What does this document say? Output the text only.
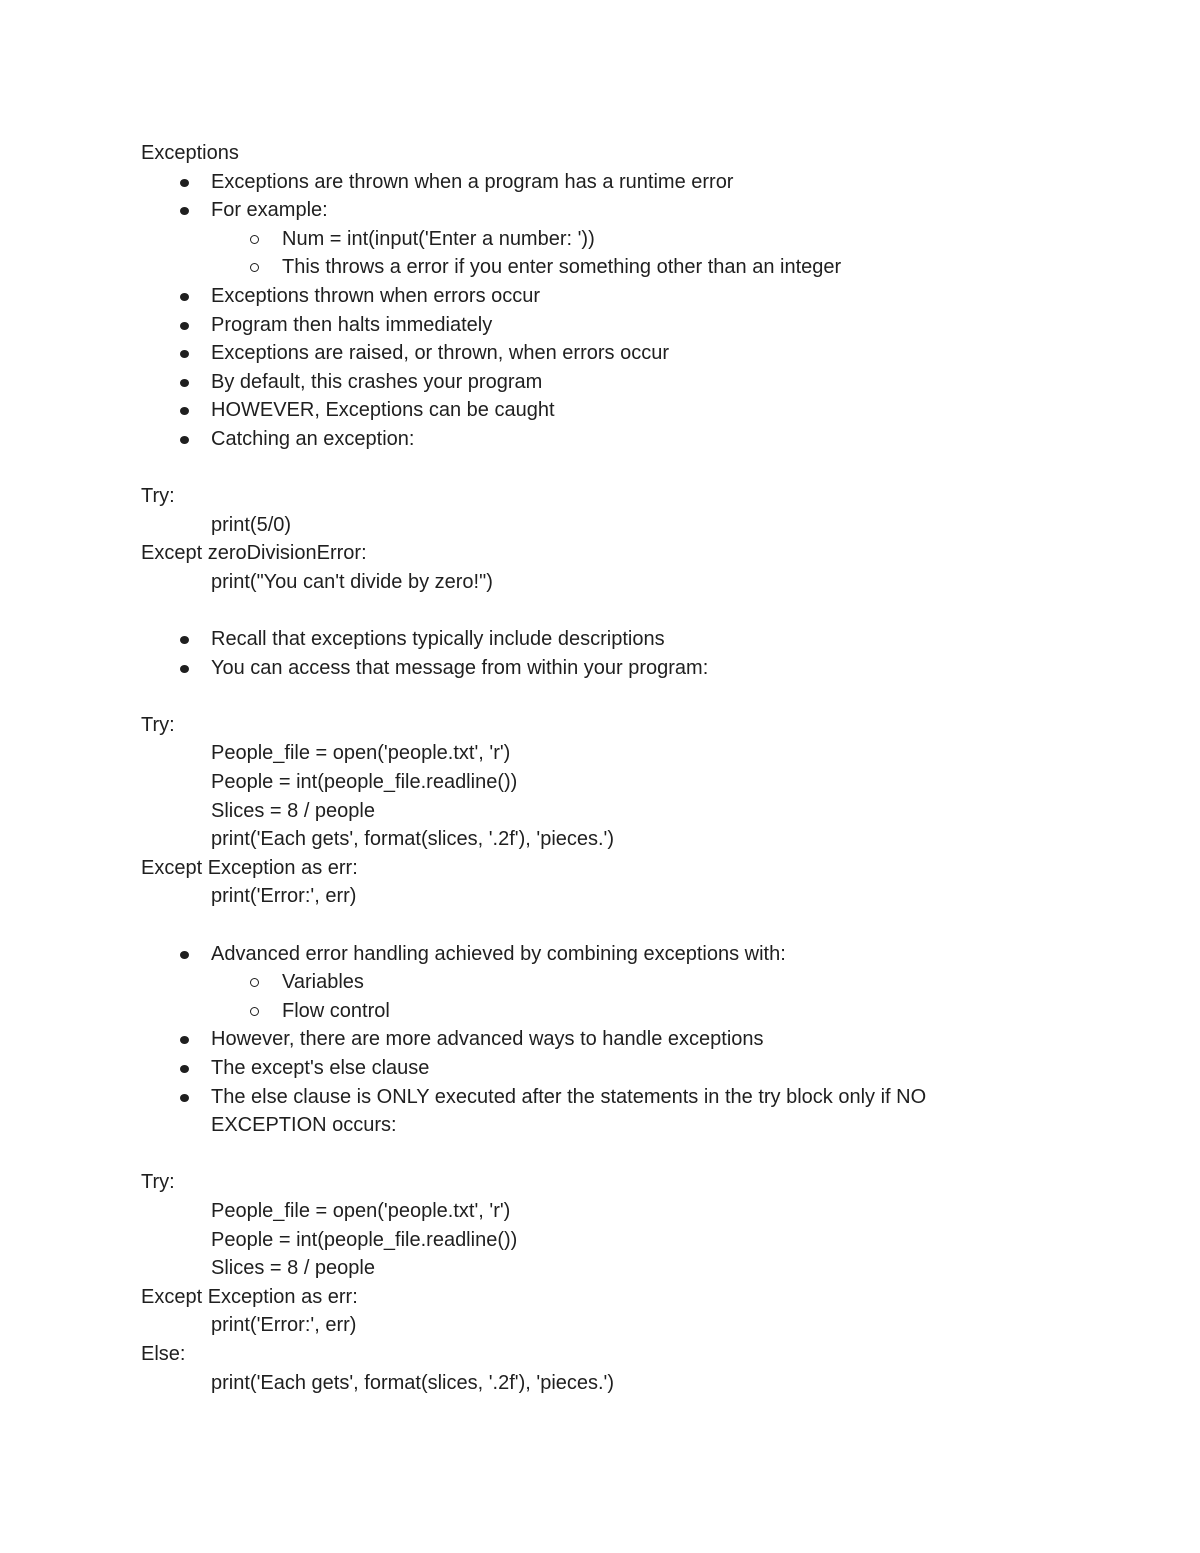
Exceptions
Exceptions are thrown when a program has a runtime error
For example:
Num = int(input('Enter a number: '))
This throws a error if you enter something other than an integer
Exceptions thrown when errors occur
Program then halts immediately
Exceptions are raised, or thrown, when errors occur
By default, this crashes your program
HOWEVER, Exceptions can be caught
Catching an exception:
Try:
print(5/0)
Except zeroDivisionError:
print("You can't divide by zero!")
Recall that exceptions typically include descriptions
You can access that message from within your program:
Try:
People_file = open('people.txt', 'r')
People = int(people_file.readline())
Slices = 8 / people
print('Each gets', format(slices, '.2f'), 'pieces.')
Except Exception as err:
print('Error:', err)
Advanced error handling achieved by combining exceptions with:
Variables
Flow control
However, there are more advanced ways to handle exceptions
The except's else clause
The else clause is ONLY executed after the statements in the try block only if NO
EXCEPTION occurs:
Try:
People_file = open('people.txt', 'r')
People = int(people_file.readline())
Slices = 8 / people
Except Exception as err:
print('Error:', err)
Else:
print('Each gets', format(slices, '.2f'), 'pieces.')
